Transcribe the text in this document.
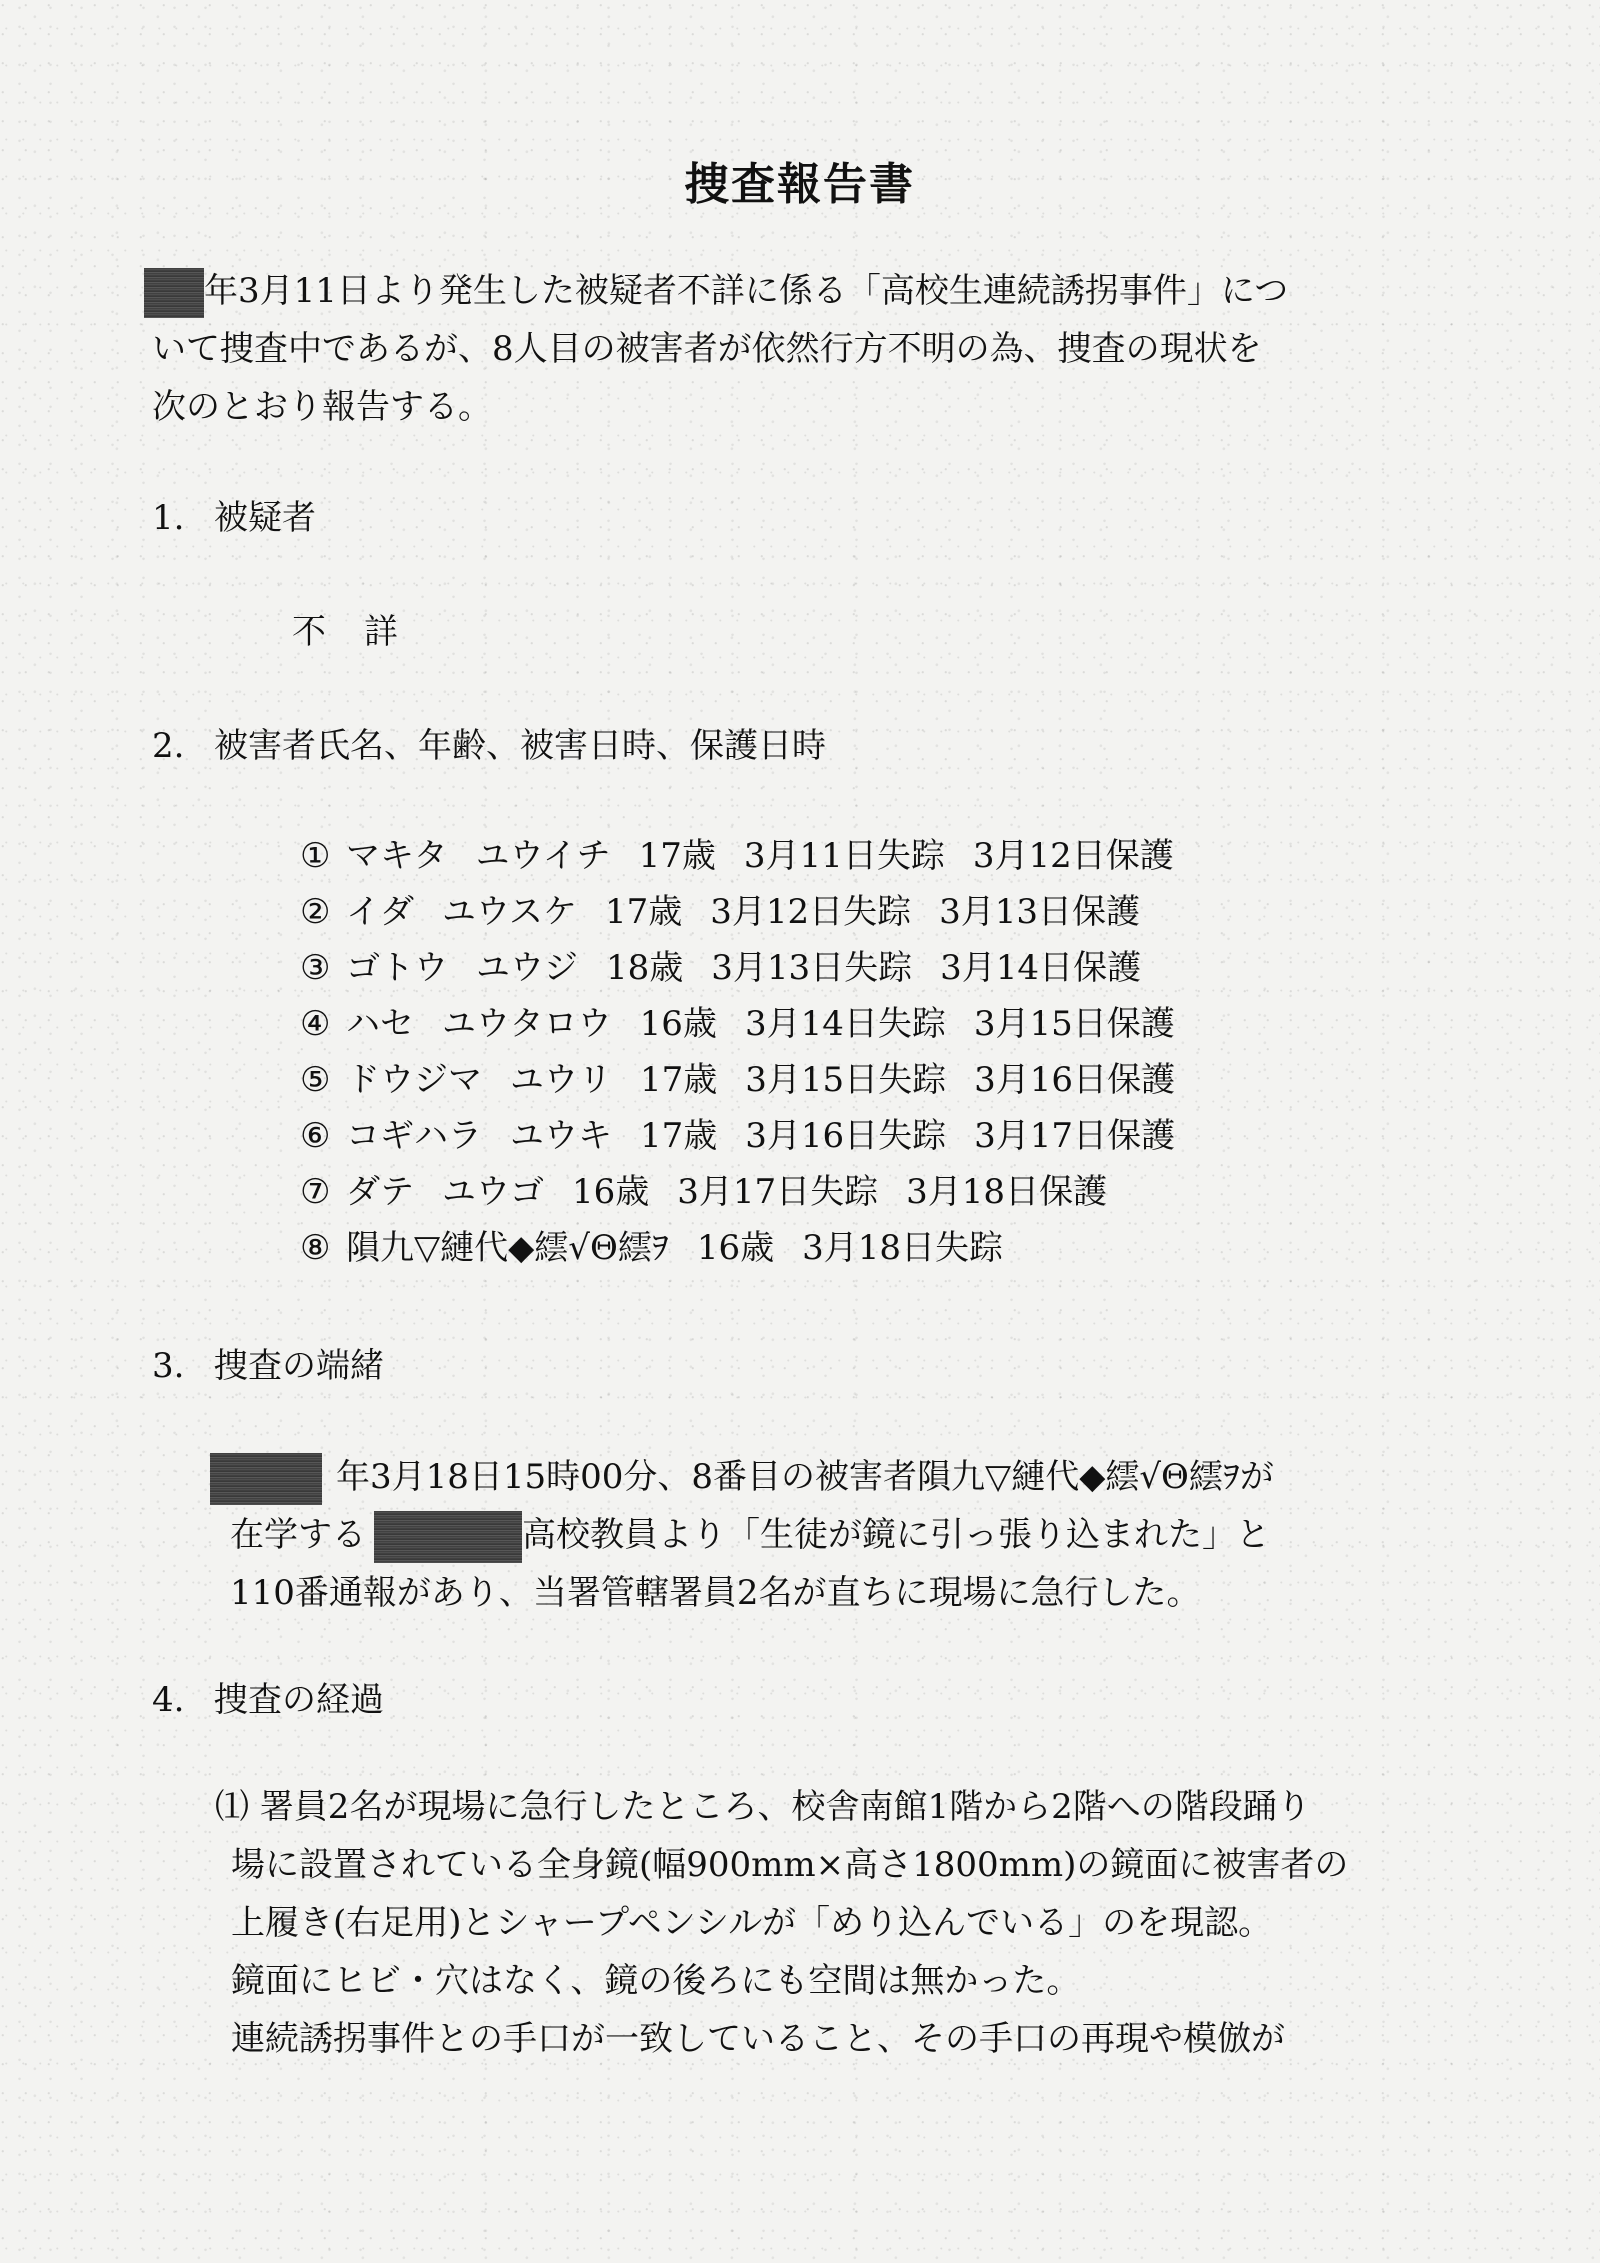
捜査報告書
年3月11日より発生した被疑者不詳に係る「高校生連続誘拐事件」につ
いて捜査中であるが、8人目の被害者が依然行方不明の為、捜査の現状を
次のとおり報告する。
1. 被疑者
不　詳
2. 被害者氏名、年齢、被害日時、保護日時
① マキタ ユウイチ 17歳 3月11日失踪 3月12日保護
② イダ ユウスケ 17歳 3月12日失踪 3月13日保護
③ ゴトウ ユウジ 18歳 3月13日失踪 3月14日保護
④ ハセ ユウタロウ 16歳 3月14日失踪 3月15日保護
⑤ ドウジマ ユウリ 17歳 3月15日失踪 3月16日保護
⑥ コギハラ ユウキ 17歳 3月16日失踪 3月17日保護
⑦ ダテ ユウゴ 16歳 3月17日失踪 3月18日保護
⑧ 隕九▽縺代◆繧√Θ繧ｦ 16歳 3月18日失踪
3. 捜査の端緒
年3月18日15時00分、8番目の被害者隕九▽縺代◆繧√Θ繧ｦが
在学する	高校教員より「生徒が鏡に引っ張り込まれた」と
110番通報があり、当署管轄署員2名が直ちに現場に急行した。
4. 捜査の経過
⑴ 署員2名が現場に急行したところ、校舎南館1階から2階への階段踊り
場に設置されている全身鏡(幅900mm×高さ1800mm)の鏡面に被害者の
上履き(右足用)とシャープペンシルが「めり込んでいる」のを現認。
鏡面にヒビ・穴はなく、鏡の後ろにも空間は無かった。
連続誘拐事件との手口が一致していること、その手口の再現や模倣が
